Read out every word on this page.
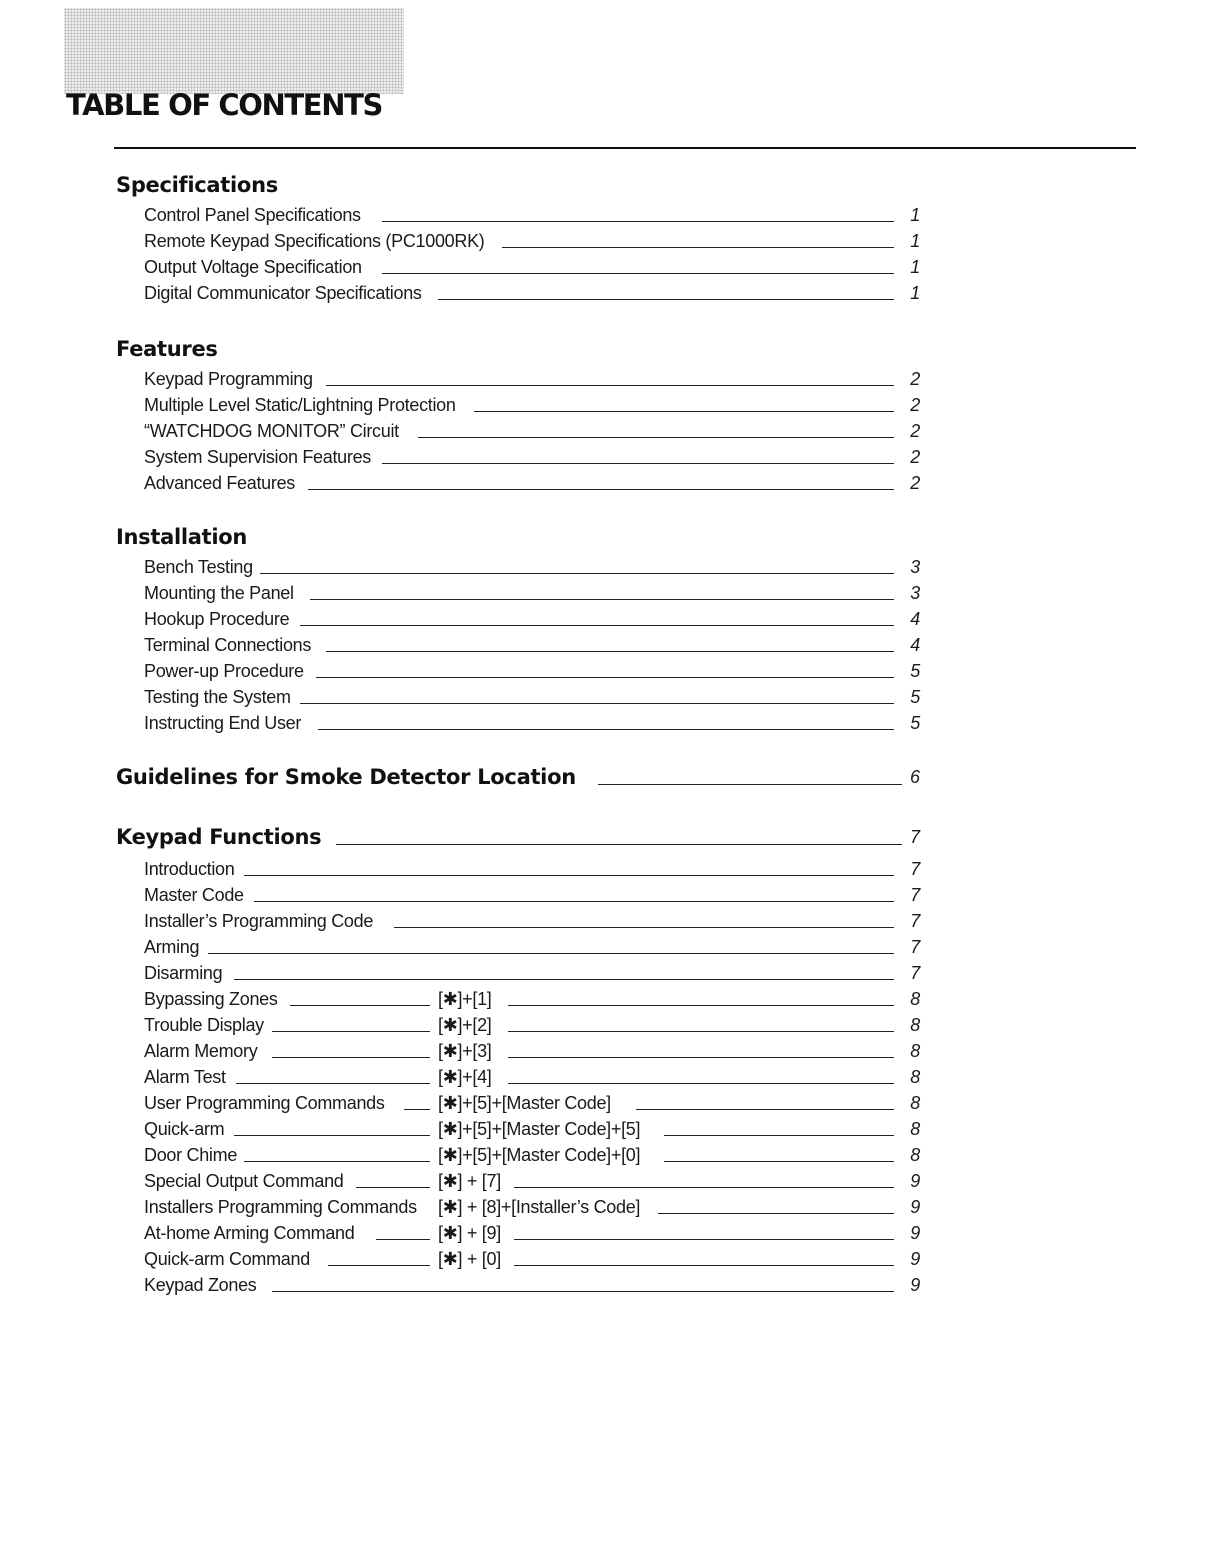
TABLE OF CONTENTS
Specifications
Control Panel Specifications	1
Remote Keypad Specifications (PC1000RK)	1
Output Voltage Specification	1
Digital Communicator Specifications	1
Features
Keypad Programming	2
Multiple Level Static/Lightning Protection	2
“WATCHDOG MONITOR” Circuit	2
System Supervision Features	2
Advanced Features	2
Installation
Bench Testing	3
Mounting the Panel	3
Hookup Procedure	4
Terminal Connections	4
Power-up Procedure	5
Testing the System	5
Instructing End User	5
Guidelines for Smoke Detector Location	6
Keypad Functions	7
Introduction	7
Master Code	7
Installer’s Programming Code	7
Arming	7
Disarming	7
Bypassing Zones	[✱]+[1]	8
Trouble Display	[✱]+[2]	8
Alarm Memory	[✱]+[3]	8
Alarm Test	[✱]+[4]	8
User Programming Commands	[✱]+[5]+[Master Code]	8
Quick-arm	[✱]+[5]+[Master Code]+[5]	8
Door Chime	[✱]+[5]+[Master Code]+[0]	8
Special Output Command	[✱] + [7]	9
Installers Programming Commands [✱] + [8]+[Installer’s Code]	9
At-home Arming Command	[✱] + [9]	9
Quick-arm Command	[✱] + [0]	9
Keypad Zones	9
